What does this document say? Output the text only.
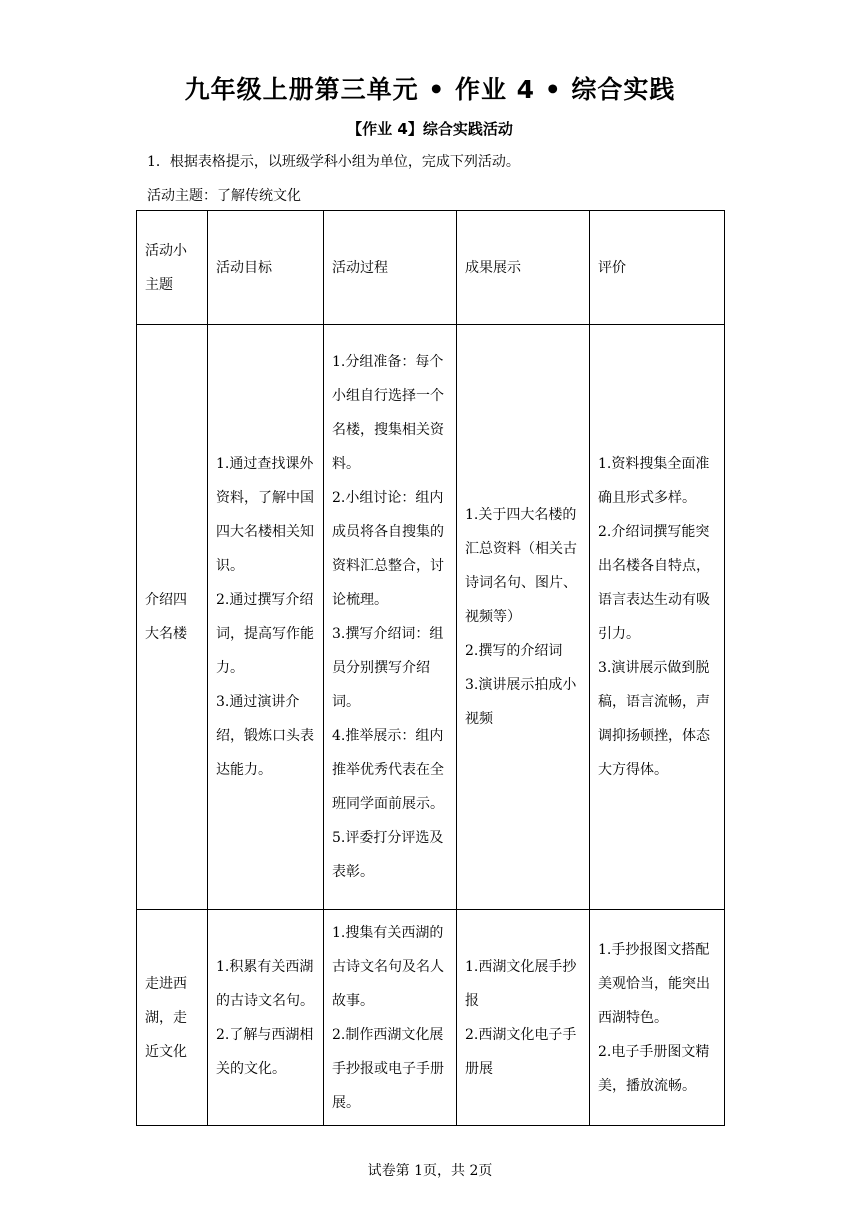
九年级上册第三单元 • 作业 4 • 综合实践
【作业 4】综合实践活动
1．根据表格提示，以班级学科小组为单位，完成下列活动。
活动主题：了解传统文化
活动小主题	活动目标	活动过程	成果展示	评价
介绍四大名楼	1.通过查找课外资料，了解中国四大名楼相关知识。
2.通过撰写介绍词，提高写作能力。
3.通过演讲介绍，锻炼口头表达能力。	1.分组准备：每个小组自行选择一个名楼，搜集相关资料。
2.小组讨论：组内成员将各自搜集的资料汇总整合，讨论梳理。
3.撰写介绍词：组员分别撰写介绍词。
4.推举展示：组内推举优秀代表在全班同学面前展示。
5.评委打分评选及表彰。	1.关于四大名楼的汇总资料（相关古诗词名句、图片、视频等）
2.撰写的介绍词
3.演讲展示拍成小视频	1.资料搜集全面准确且形式多样。
2.介绍词撰写能突出名楼各自特点，语言表达生动有吸引力。
3.演讲展示做到脱稿，语言流畅，声调抑扬顿挫，体态大方得体。

走进西湖，走近文化	1.积累有关西湖的古诗文名句。
2.了解与西湖相关的文化。	1.搜集有关西湖的古诗文名句及名人故事。
2.制作西湖文化展手抄报或电子手册展。	1.西湖文化展手抄报
2.西湖文化电子手册展	1.手抄报图文搭配美观恰当，能突出西湖特色。
2.电子手册图文精美，播放流畅。
试卷第 1页，共 2页
